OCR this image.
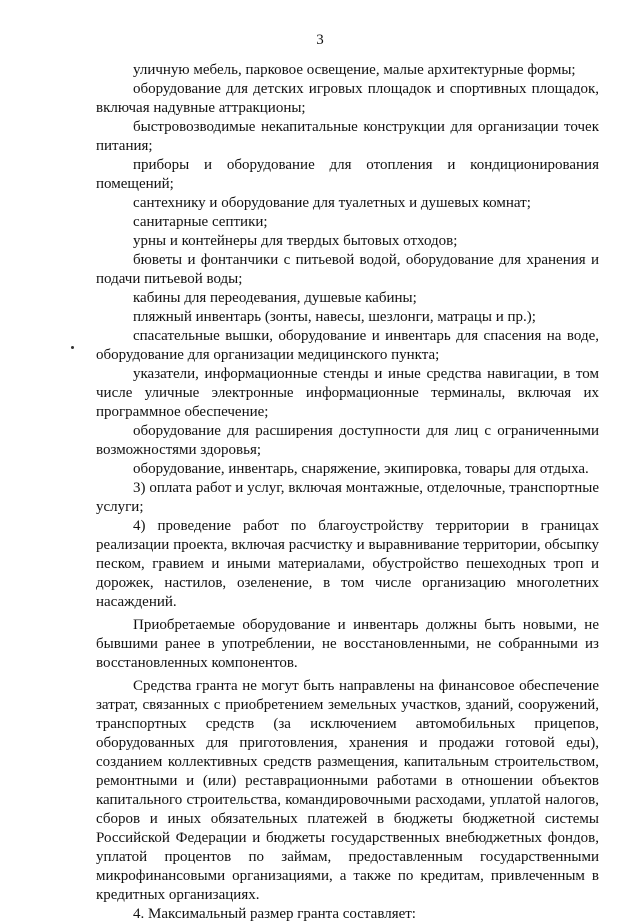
3

уличную мебель, парковое освещение, малые архитектурные формы;

оборудование для детских игровых площадок и спортивных площадок, включая надувные аттракционы;

быстровозводимые некапитальные конструкции для организации точек питания;

приборы и оборудование для отопления и кондиционирования помещений;

сантехнику и оборудование для туалетных и душевых комнат;

санитарные септики;

урны и контейнеры для твердых бытовых отходов;

бюветы и фонтанчики с питьевой водой, оборудование для хранения и подачи питьевой воды;

кабины для переодевания, душевые кабины;

пляжный инвентарь (зонты, навесы, шезлонги, матрацы и пр.);

спасательные вышки, оборудование и инвентарь для спасения на воде, оборудование для организации медицинского пункта;

указатели, информационные стенды и иные средства навигации, в том числе уличные электронные информационные терминалы, включая их программное обеспечение;

оборудование для расширения доступности для лиц с ограниченными возможностями здоровья;

оборудование, инвентарь, снаряжение, экипировка, товары для отдыха.

3) оплата работ и услуг, включая монтажные, отделочные, транспортные услуги;

4) проведение работ по благоустройству территории в границах реализации проекта, включая расчистку и выравнивание территории, обсыпку песком, гравием и иными материалами, обустройство пешеходных троп и дорожек, настилов, озеленение, в том числе организацию многолетних насаждений.

Приобретаемые оборудование и инвентарь должны быть новыми, не бывшими ранее в употреблении, не восстановленными, не собранными из восстановленных компонентов.

Средства гранта не могут быть направлены на финансовое обеспечение затрат, связанных с приобретением земельных участков, зданий, сооружений, транспортных средств (за исключением автомобильных прицепов, оборудованных для приготовления, хранения и продажи готовой еды), созданием коллективных средств размещения, капитальным строительством, ремонтными и (или) реставрационными работами в отношении объектов капитального строительства, командировочными расходами, уплатой налогов, сборов и иных обязательных платежей в бюджеты бюджетной системы Российской Федерации и бюджеты государственных внебюджетных фондов, уплатой процентов по займам, предоставленным государственными микрофинансовыми организациями, а также по кредитам, привлеченным в кредитных организациях.

4. Максимальный размер гранта составляет:
